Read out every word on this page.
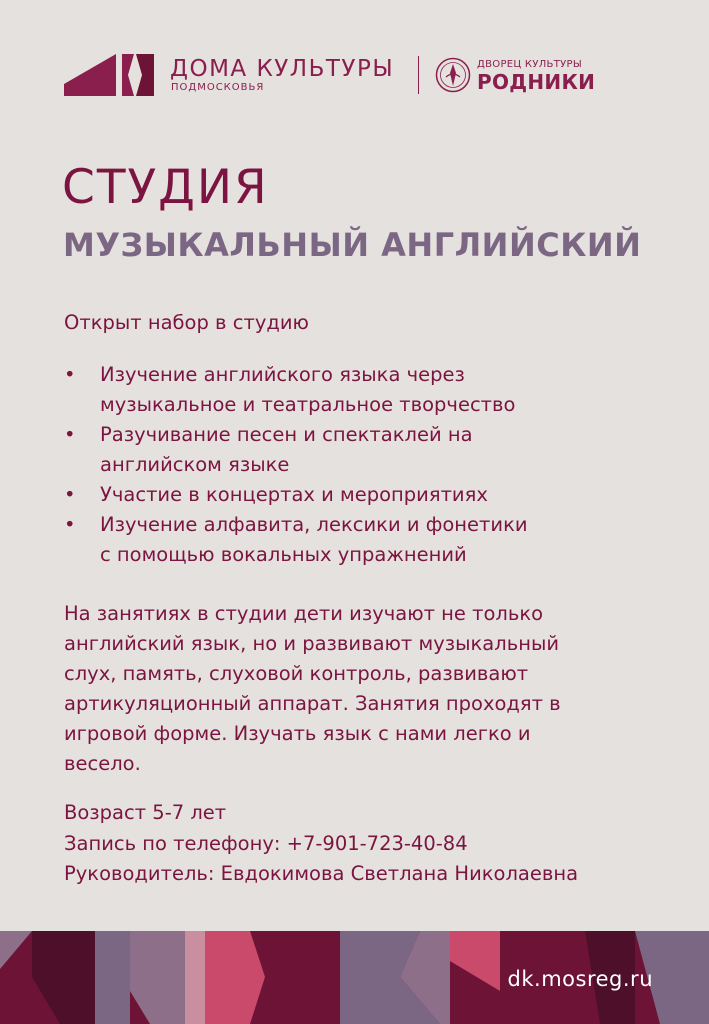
ДОМА КУЛЬТУРЫ
ПОДМОСКОВЬЯ
ДВОРЕЦ КУЛЬТУРЫ
РОДНИКИ
СТУДИЯ
МУЗЫКАЛЬНЫЙ АНГЛИЙСКИЙ
Открыт набор в студию
• Изучение английского языка через
музыкальное и театральное творчество
• Разучивание песен и спектаклей на
английском языке
• Участие в концертах и мероприятиях
• Изучение алфавита, лексики и фонетики
с помощью вокальных упражнений
На занятиях в студии дети изучают не только
английский язык, но и развивают музыкальный
слух, память, слуховой контроль, развивают
артикуляционный аппарат. Занятия проходят в
игровой форме. Изучать язык с нами легко и
весело.
Возраст 5-7 лет
Запись по телефону: +7-901-723-40-84
Руководитель: Евдокимова Светлана Николаевна
dk.mosreg.ru
